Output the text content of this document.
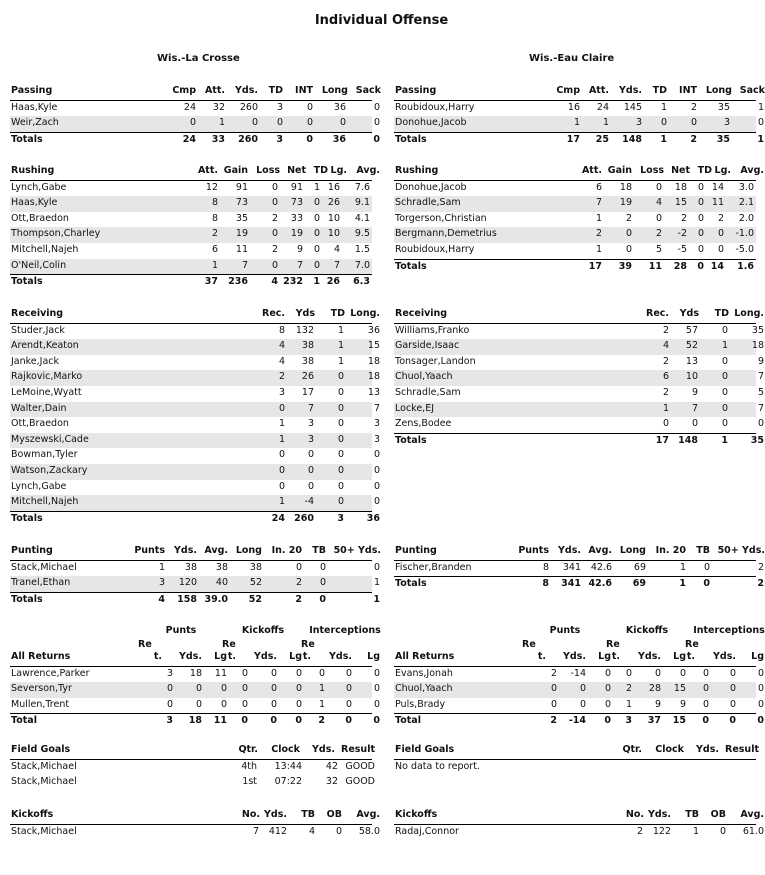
Individual Offense
Wis.-La Crosse	Wis.-Eau Claire
Passing	Cmp Att. Yds. TD INT Long Sack
Haas,Kyle	24 32 260 3	0 36	0
Weir,Zach	0 1	0 0	0	0	0
Totals	24 33 260 3 0 36	0
Passing	Cmp Att. Yds. TD INT Long Sack
Roubidoux,Harry	16 24 145 1	2 35	1
Donohue,Jacob	1 1	3 0	0	3	0
Totals	17 25 148 1 2 35	1
Rushing	Att. Gain Loss Net TD Lg. Avg.
Lynch,Gabe	12 91	0 91 1 16 7.6
Haas,Kyle	8 73	0 73 0 26 9.1
Ott,Braedon	8 35	2 33 0 10 4.1
Thompson,Charley	2 19	0 19 0 10 9.5
Mitchell,Najeh	6 11	2 9 0 4 1.5
O'Neil,Colin	1	7	0 7 0 7 7.0
Totals	37 236 4 232 1 26 6.3
Rushing	Att. Gain Loss Net TD Lg. Avg.
Donohue,Jacob	6 18	0 18 0 14 3.0
Schradle,Sam	7 19	4 15 0 11 2.1
Torgerson,Christian	1	2	0 2 0 2 2.0
Bergmann,Demetrius	2	0	2 -2 0 0 -1.0
Roubidoux,Harry	1	0	5 -5 0 0 -5.0
Totals	17 39 11 28 0 14 1.6
Receiving	Rec. Yds TD Long.
Studer,Jack	8 132	1	36
Arendt,Keaton	4 38	1	15
Janke,Jack	4 38	1	18
Rajkovic,Marko	2 26	0	18
LeMoine,Wyatt	3 17	0	13
Walter,Dain	0 7	0	7
Ott,Braedon	1 3	0	3
Myszewski,Cade	1 3	0	3
Bowman,Tyler	0 0	0	0
Watson,Zackary	0 0	0	0
Lynch,Gabe	0 0	0	0
Mitchell,Najeh	1 -4	0	0
Totals	24 260 3 36
Receiving	Rec. Yds TD Long.
Williams,Franko	2 57	0	35
Garside,Isaac	4 52	1	18
Tonsager,Landon	2 13	0	9
Chuol,Yaach	6 10	0	7
Schradle,Sam	2 9	0	5
Locke,EJ	1 7	0	7
Zens,Bodee	0 0	0	0
Totals	17 148 1 35
Punting	Punts Yds. Avg. Long In. 20 TB 50+ Yds.
Stack,Michael	1 38 38 38	0 0	0
Tranel,Ethan	3 120 40 52	2 0	1
Totals	4 158 39.0 52	2 0	1
Punting	Punts Yds. Avg. Long In. 20 TB 50+ Yds.
Fischer,Branden	8 341 42.6 69	1 0	2
Totals	8 341 42.6 69	1 0	2
Punts	Kickoffs	Interceptions
Re	Re	Re
All Returns	t. Yds. Lg t. Yds. Lg t. Yds. Lg
Lawrence,Parker	3 18 11 0 0 0 0 0 0
Severson,Tyr	0 0 0 0 0 0 1 0 0
Mullen,Trent	0 0 0 0 0 0 1 0 0
Total	3 18 11 0 0 0 2 0 0
Punts	Kickoffs	Interceptions
Re	Re	Re
All Returns	t. Yds. Lg t. Yds. Lg t. Yds. Lg
Evans,Jonah	2 -14 0 0 0 0 0 0 0
Chuol,Yaach	0 0 0 2 28 15 0 0 0
Puls,Brady	0 0 0 1 9 9 0 0 0
Total	2 -14 0 3 37 15 0 0 0
Field Goals	Qtr. Clock Yds. Result
Stack,Michael	4th 13:44	42 GOOD
Stack,Michael	1st 07:22	32 GOOD
Field Goals	Qtr. Clock Yds. Result
No data to report.
Kickoffs	No. Yds. TB OB Avg.
Stack,Michael	7 412 4 0 58.0
Kickoffs	No. Yds. TB OB Avg.
Radaj,Connor	2 122 1 0 61.0
